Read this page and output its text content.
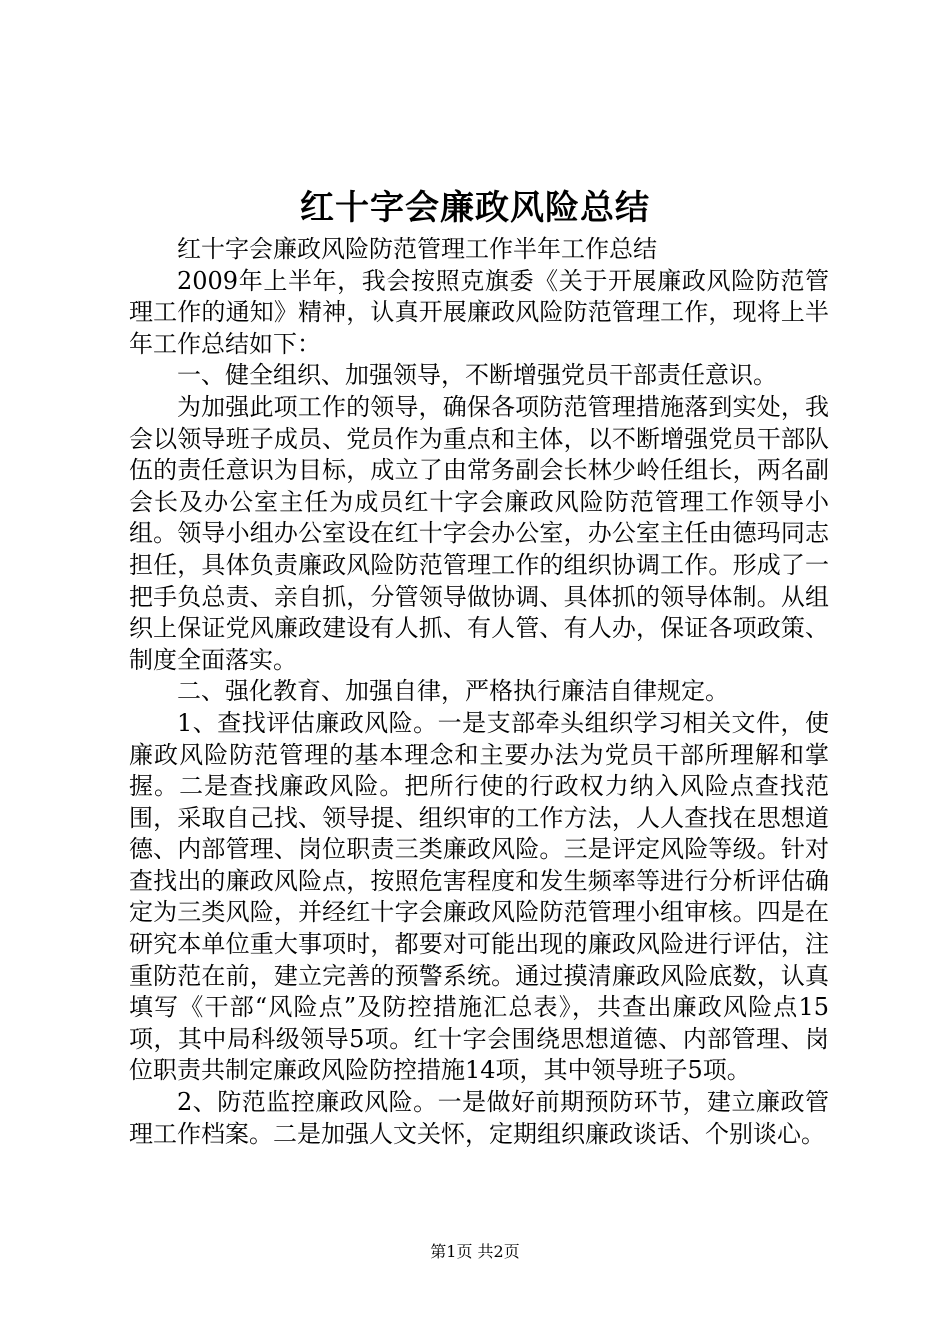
红十字会廉政风险总结

红十字会廉政风险防范管理工作半年工作总结

2009年上半年，我会按照克旗委《关于开展廉政风险防范管理工作的通知》精神，认真开展廉政风险防范管理工作，现将上半年工作总结如下：

一、健全组织、加强领导，不断增强党员干部责任意识。

为加强此项工作的领导，确保各项防范管理措施落到实处，我会以领导班子成员、党员作为重点和主体，以不断增强党员干部队伍的责任意识为目标，成立了由常务副会长林少岭任组长，两名副会长及办公室主任为成员红十字会廉政风险防范管理工作领导小组。领导小组办公室设在红十字会办公室，办公室主任由德玛同志担任，具体负责廉政风险防范管理工作的组织协调工作。形成了一把手负总责、亲自抓，分管领导做协调、具体抓的领导体制。从组织上保证党风廉政建设有人抓、有人管、有人办，保证各项政策、制度全面落实。

二、强化教育、加强自律，严格执行廉洁自律规定。

1、查找评估廉政风险。一是支部牵头组织学习相关文件，使廉政风险防范管理的基本理念和主要办法为党员干部所理解和掌握。二是查找廉政风险。把所行使的行政权力纳入风险点查找范围，采取自己找、领导提、组织审的工作方法，人人查找在思想道德、内部管理、岗位职责三类廉政风险。三是评定风险等级。针对查找出的廉政风险点，按照危害程度和发生频率等进行分析评估确定为三类风险，并经红十字会廉政风险防范管理小组审核。四是在研究本单位重大事项时，都要对可能出现的廉政风险进行评估，注重防范在前，建立完善的预警系统。通过摸清廉政风险底数，认真填写《干部“风险点”及防控措施汇总表》，共查出廉政风险点15项，其中局科级领导5项。红十字会围绕思想道德、内部管理、岗位职责共制定廉政风险防控措施14项，其中领导班子5项。

2、防范监控廉政风险。一是做好前期预防环节，建立廉政管理工作档案。二是加强人文关怀，定期组织廉政谈话、个别谈心。

第1页 共2页
